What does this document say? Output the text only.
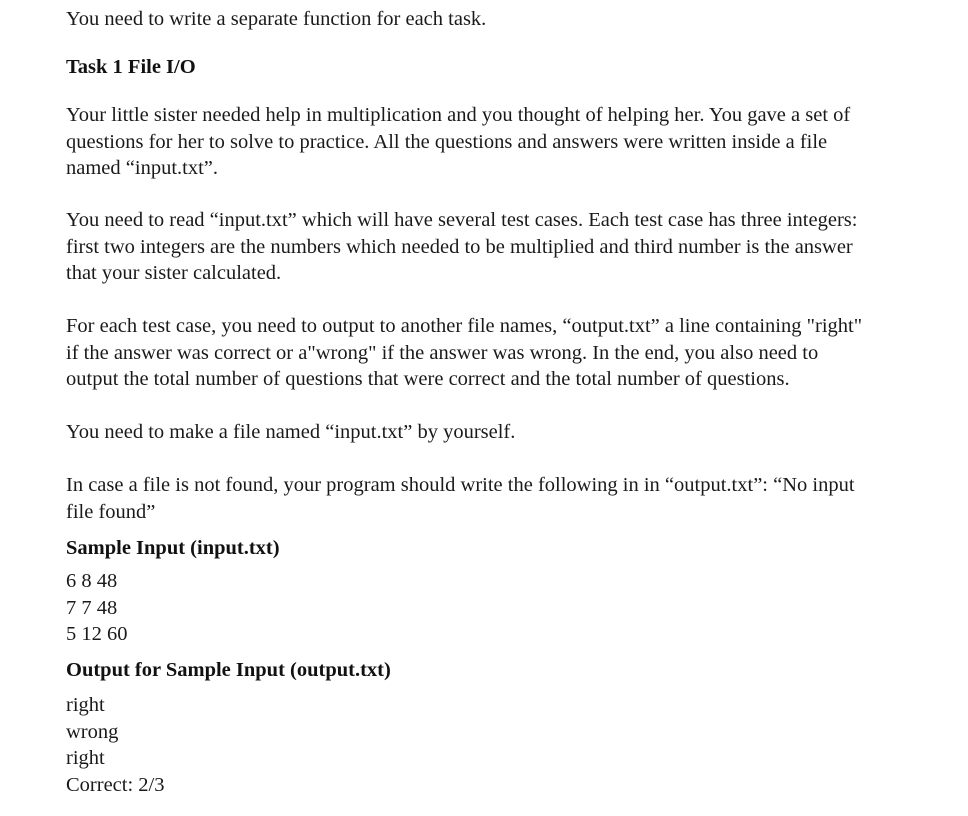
You need to write a separate function for each task.

Task 1 File I/O

Your little sister needed help in multiplication and you thought of helping her. You gave a set of
questions for her to solve to practice. All the questions and answers were written inside a file
named “input.txt”.

You need to read “input.txt” which will have several test cases. Each test case has three integers:
first two integers are the numbers which needed to be multiplied and third number is the answer
that your sister calculated.

For each test case, you need to output to another file names, “output.txt” a line containing "right"
if the answer was correct or a"wrong" if the answer was wrong. In the end, you also need to
output the total number of questions that were correct and the total number of questions.

You need to make a file named “input.txt” by yourself.

In case a file is not found, your program should write the following in in “output.txt”: “No input
file found”

Sample Input (input.txt)

6 8 48
7 7 48
5 12 60

Output for Sample Input (output.txt)

right
wrong
right
Correct: 2/3
